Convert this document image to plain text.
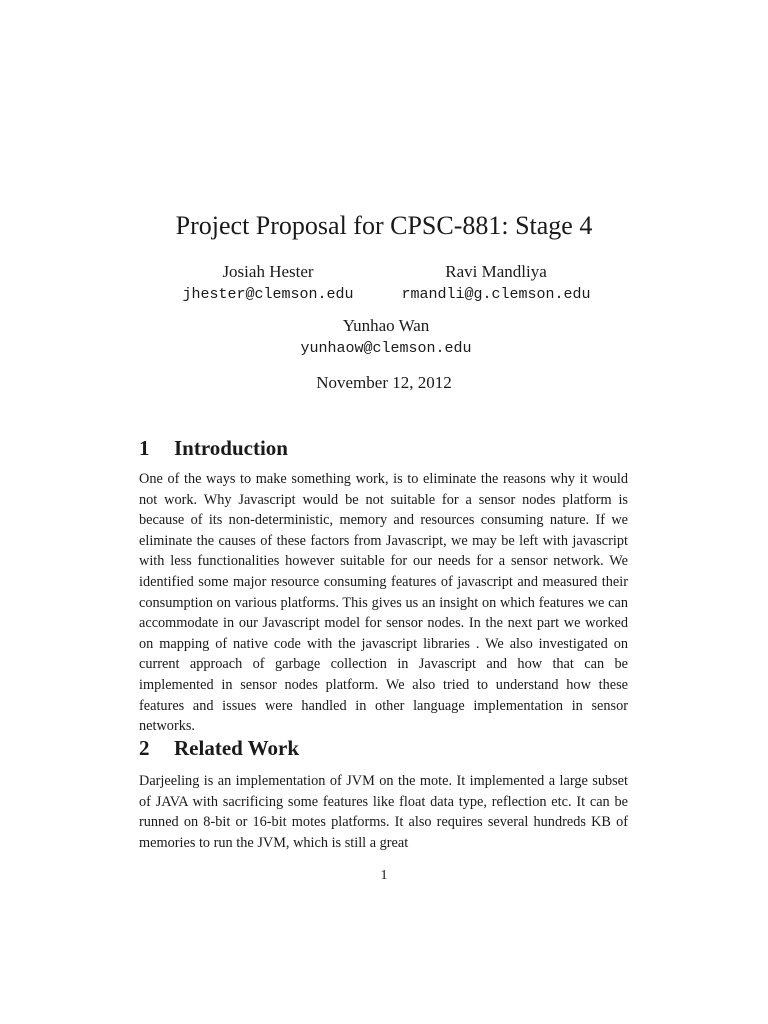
Project Proposal for CPSC-881: Stage 4
Josiah Hester
jhester@clemson.edu
Ravi Mandliya
rmandli@g.clemson.edu
Yunhao Wan
yunhaow@clemson.edu
November 12, 2012
1 Introduction

One of the ways to make something work, is to eliminate the reasons why it would not work. Why Javascript would be not suitable for a sensor nodes platform is because of its non-deterministic, memory and resources consuming nature. If we eliminate the causes of these factors from Javascript, we may be left with javascript with less functionalities however suitable for our needs for a sensor network. We identified some major resource consuming features of javascript and measured their consumption on various platforms. This gives us an insight on which features we can accommodate in our Javascript model for sensor nodes. In the next part we worked on mapping of native code with the javascript libraries . We also investigated on current approach of garbage collection in Javascript and how that can be implemented in sensor nodes platform. We also tried to understand how these features and issues were handled in other language implementation in sensor networks.

2 Related Work

Darjeeling is an implementation of JVM on the mote. It implemented a large subset of JAVA with sacrificing some features like float data type, reflection etc. It can be runned on 8-bit or 16-bit motes platforms. It also requires several hundreds KB of memories to run the JVM, which is still a great

1
